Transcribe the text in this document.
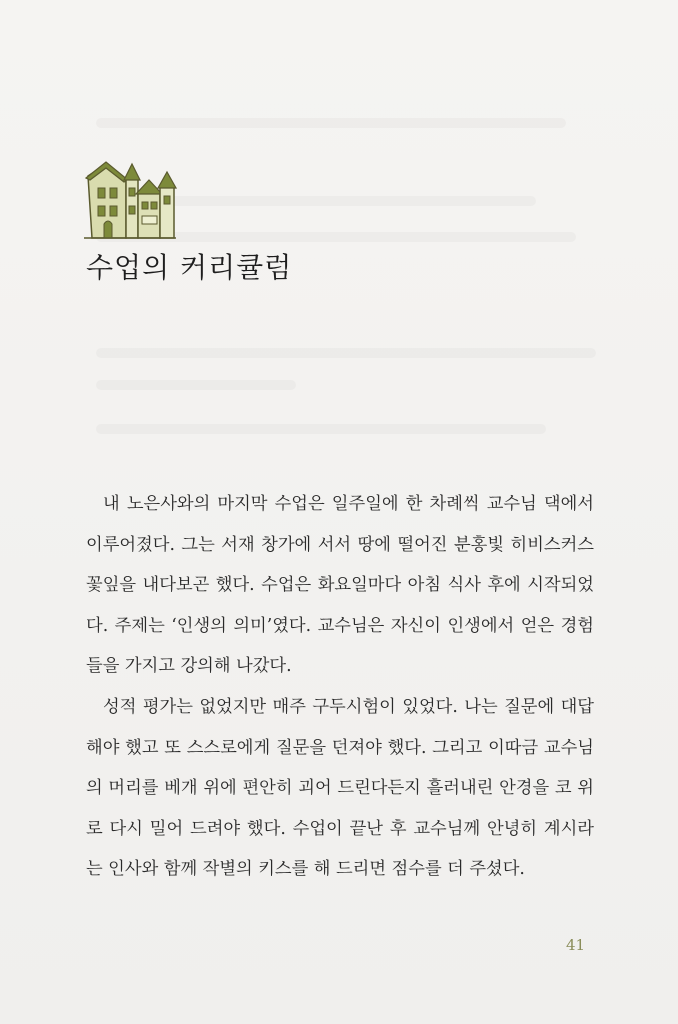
수업의 커리큘럼

내 노은사와의 마지막 수업은 일주일에 한 차례씩 교수님 댁에서 이루어졌다. 그는 서재 창가에 서서 땅에 떨어진 분홍빛 히비스커스 꽃잎을 내다보곤 했다. 수업은 화요일마다 아침 식사 후에 시작되었다. 주제는 ‘인생의 의미’였다. 교수님은 자신이 인생에서 얻은 경험들을 가지고 강의해 나갔다.

성적 평가는 없었지만 매주 구두시험이 있었다. 나는 질문에 대답해야 했고 또 스스로에게 질문을 던져야 했다. 그리고 이따금 교수님의 머리를 베개 위에 편안히 괴어 드린다든지 흘러내린 안경을 코 위로 다시 밀어 드려야 했다. 수업이 끝난 후 교수님께 안녕히 계시라는 인사와 함께 작별의 키스를 해 드리면 점수를 더 주셨다.

41
